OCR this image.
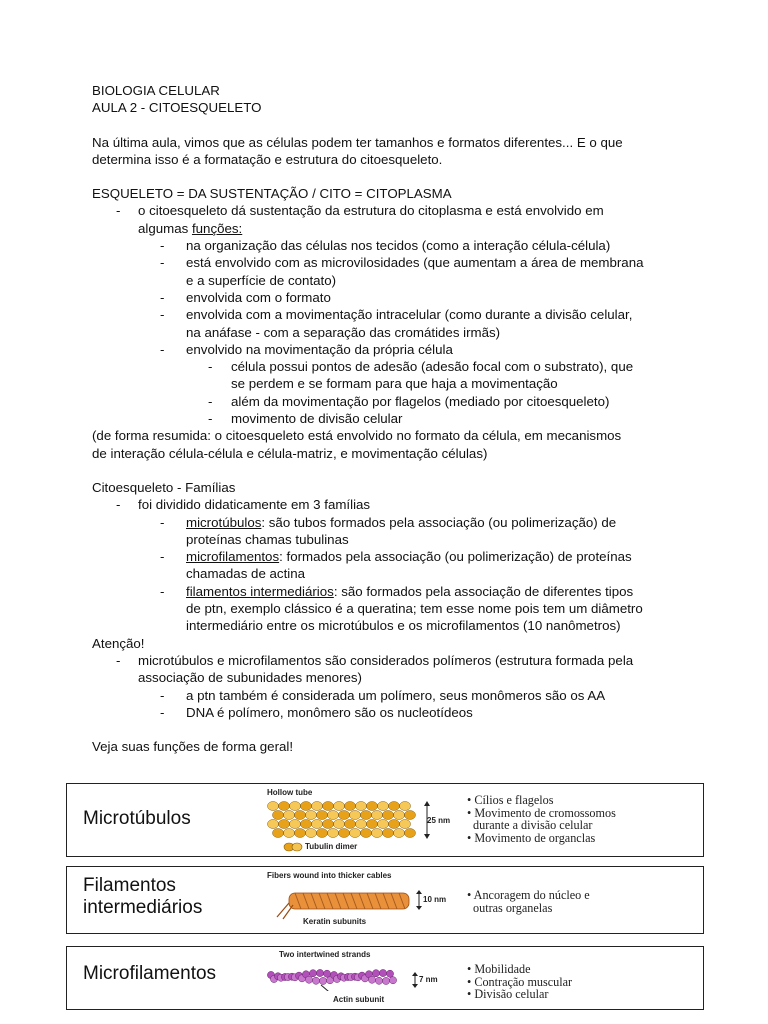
BIOLOGIA CELULAR

AULA 2 - CITOESQUELETO

Na última aula, vimos que as células podem ter tamanhos e formatos diferentes... E o que

determina isso é a formatação e estrutura do citoesqueleto.

ESQUELETO = DA SUSTENTAÇÃO / CITO = CITOPLASMA

- o citoesqueleto dá sustentação da estrutura do citoplasma e está envolvido em
algumas funções:
- na organização das células nos tecidos (como a interação célula-célula)
- está envolvido com as microvilosidades (que aumentam a área de membrana
e a superfície de contato)
- envolvida com o formato
- envolvida com a movimentação intracelular (como durante a divisão celular,
na anáfase - com a separação das cromátides irmãs)
- envolvido na movimentação da própria célula
- célula possui pontos de adesão (adesão focal com o substrato), que
se perdem e se formam para que haja a movimentação
- além da movimentação por flagelos (mediado por citoesqueleto)
- movimento de divisão celular

(de forma resumida: o citoesqueleto está envolvido no formato da célula, em mecanismos

de interação célula-célula e célula-matriz, e movimentação células)

Citoesqueleto - Famílias

- foi dividido didaticamente em 3 famílias
- microtúbulos: são tubos formados pela associação (ou polimerização) de
proteínas chamas tubulinas
- microfilamentos: formados pela associação (ou polimerização) de proteínas
chamadas de actina
- filamentos intermediários: são formados pela associação de diferentes tipos
de ptn, exemplo clássico é a queratina; tem esse nome pois tem um diâmetro
intermediário entre os microtúbulos e os microfilamentos (10 nanômetros)

Atenção!

- microtúbulos e microfilamentos são considerados polímeros (estrutura formada pela
associação de subunidades menores)
- a ptn também é considerada um polímero, seus monômeros são os AA
- DNA é polímero, monômero são os nucleotídeos

Veja suas funções de forma geral!

Microtúbulos
Hollow tube
25 nm
Tubulin dimer
• Cílios e flagelos
• Movimento de cromossomos
durante a divisão celular
• Movimento de organclas
Filamentos
intermediários
Fibers wound into thicker cables
10 nm
Keratin subunits
• Ancoragem do núcleo e
outras organelas
Microfilamentos
Two intertwined strands
7 nm
Actin subunit
• Mobilidade
• Contração muscular
• Divisão celular
